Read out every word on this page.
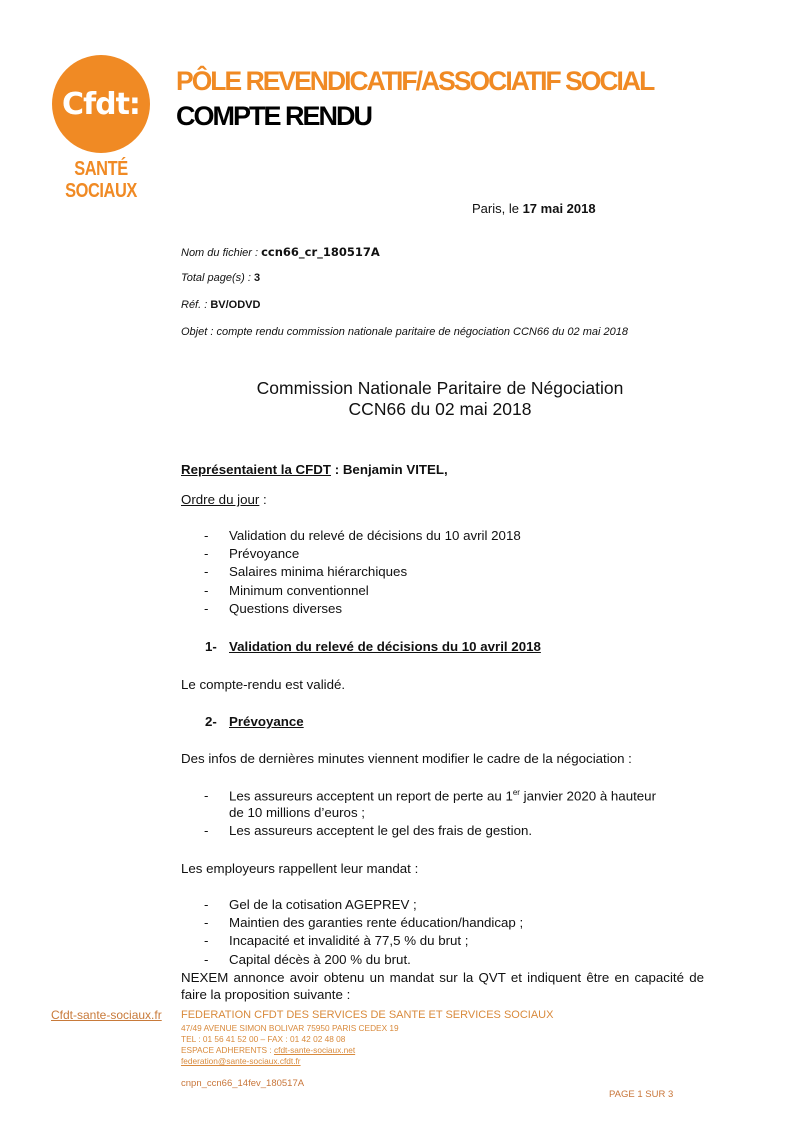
Cfdt:
SANTÉ
SOCIAUX
PÔLE REVENDICATIF/ASSOCIATIF SOCIAL
COMPTE RENDU
Paris, le 17 mai 2018
Nom du fichier : ccn66_cr_180517A
Total page(s) : 3
Réf. : BV/ODVD
Objet : compte rendu commission nationale paritaire de négociation CCN66 du 02 mai 2018
Commission Nationale Paritaire de Négociation
CCN66 du 02 mai 2018
Représentaient la CFDT : Benjamin VITEL,
Ordre du jour :
- Validation du relevé de décisions du 10 avril 2018
- Prévoyance
- Salaires minima hiérarchiques
- Minimum conventionnel
- Questions diverses
1- Validation du relevé de décisions du 10 avril 2018
Le compte-rendu est validé.
2- Prévoyance
Des infos de dernières minutes viennent modifier le cadre de la négociation :
- Les assureurs acceptent un report de perte au 1er janvier 2020 à hauteur
de 10 millions d’euros ;
- Les assureurs acceptent le gel des frais de gestion.
Les employeurs rappellent leur mandat :
- Gel de la cotisation AGEPREV ;
- Maintien des garanties rente éducation/handicap ;
- Incapacité et invalidité à 77,5 % du brut ;
- Capital décès à 200 % du brut.
NEXEM annonce avoir obtenu un mandat sur la QVT et indiquent être en capacité de faire la proposition suivante :
Cfdt-sante-sociaux.fr FEDERATION CFDT DES SERVICES DE SANTE ET SERVICES SOCIAUX
47/49 AVENUE SIMON BOLIVAR 75950 PARIS CEDEX 19
TEL : 01 56 41 52 00 – FAX : 01 42 02 48 08
ESPACE ADHERENTS : cfdt-sante-sociaux.net
federation@sante-sociaux.cfdt.fr
cnpn_ccn66_14fev_180517A
PAGE 1 SUR 3
